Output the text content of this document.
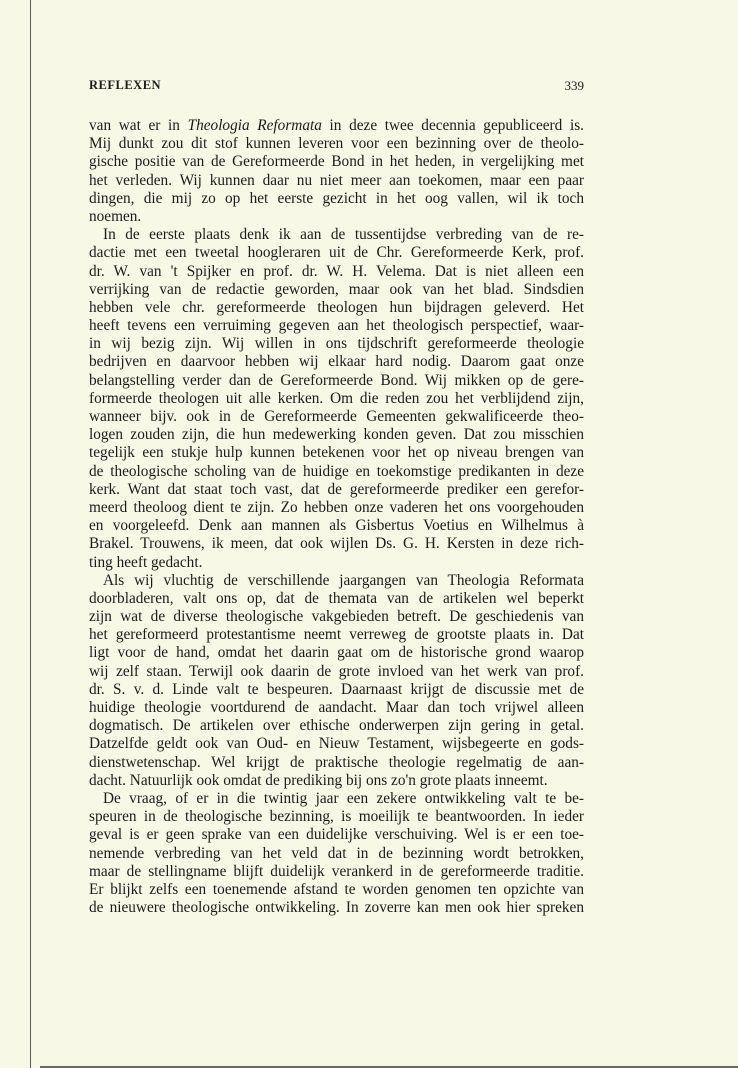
REFLEXEN	339
van wat er in Theologia Reformata in deze twee decennia gepubliceerd is.
Mij dunkt zou dit stof kunnen leveren voor een bezinning over de theolo-
gische positie van de Gereformeerde Bond in het heden, in vergelijking met
het verleden. Wij kunnen daar nu niet meer aan toekomen, maar een paar
dingen, die mij zo op het eerste gezicht in het oog vallen, wil ik toch
noemen.
In de eerste plaats denk ik aan de tussentijdse verbreding van de re-
dactie met een tweetal hoogleraren uit de Chr. Gereformeerde Kerk, prof.
dr. W. van 't Spijker en prof. dr. W. H. Velema. Dat is niet alleen een
verrijking van de redactie geworden, maar ook van het blad. Sindsdien
hebben vele chr. gereformeerde theologen hun bijdragen geleverd. Het
heeft tevens een verruiming gegeven aan het theologisch perspectief, waar-
in wij bezig zijn. Wij willen in ons tijdschrift gereformeerde theologie
bedrijven en daarvoor hebben wij elkaar hard nodig. Daarom gaat onze
belangstelling verder dan de Gereformeerde Bond. Wij mikken op de gere-
formeerde theologen uit alle kerken. Om die reden zou het verblijdend zijn,
wanneer bijv. ook in de Gereformeerde Gemeenten gekwalificeerde theo-
logen zouden zijn, die hun medewerking konden geven. Dat zou misschien
tegelijk een stukje hulp kunnen betekenen voor het op niveau brengen van
de theologische scholing van de huidige en toekomstige predikanten in deze
kerk. Want dat staat toch vast, dat de gereformeerde prediker een gerefor-
meerd theoloog dient te zijn. Zo hebben onze vaderen het ons voorgehouden
en voorgeleefd. Denk aan mannen als Gisbertus Voetius en Wilhelmus à
Brakel. Trouwens, ik meen, dat ook wijlen Ds. G. H. Kersten in deze rich-
ting heeft gedacht.
Als wij vluchtig de verschillende jaargangen van Theologia Reformata
doorbladeren, valt ons op, dat de themata van de artikelen wel beperkt
zijn wat de diverse theologische vakgebieden betreft. De geschiedenis van
het gereformeerd protestantisme neemt verreweg de grootste plaats in. Dat
ligt voor de hand, omdat het daarin gaat om de historische grond waarop
wij zelf staan. Terwijl ook daarin de grote invloed van het werk van prof.
dr. S. v. d. Linde valt te bespeuren. Daarnaast krijgt de discussie met de
huidige theologie voortdurend de aandacht. Maar dan toch vrijwel alleen
dogmatisch. De artikelen over ethische onderwerpen zijn gering in getal.
Datzelfde geldt ook van Oud- en Nieuw Testament, wijsbegeerte en gods-
dienstwetenschap. Wel krijgt de praktische theologie regelmatig de aan-
dacht. Natuurlijk ook omdat de prediking bij ons zo'n grote plaats inneemt.
De vraag, of er in die twintig jaar een zekere ontwikkeling valt te be-
speuren in de theologische bezinning, is moeilijk te beantwoorden. In ieder
geval is er geen sprake van een duidelijke verschuiving. Wel is er een toe-
nemende verbreding van het veld dat in de bezinning wordt betrokken,
maar de stellingname blijft duidelijk verankerd in de gereformeerde traditie.
Er blijkt zelfs een toenemende afstand te worden genomen ten opzichte van
de nieuwere theologische ontwikkeling. In zoverre kan men ook hier spreken
